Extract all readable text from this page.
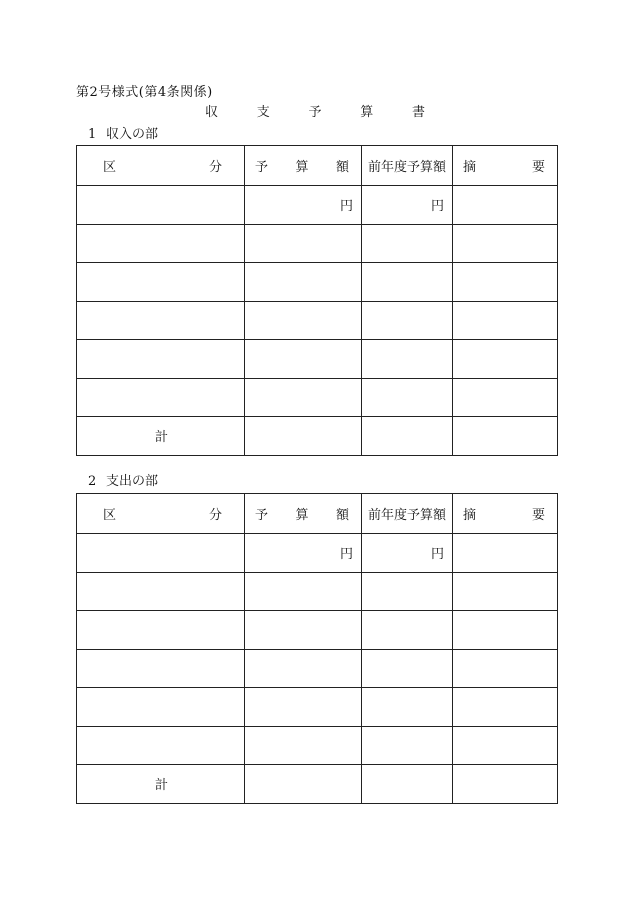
第2号様式(第4条関係)
収	支	予	算	書
1 収入の部
区 分	予 算 額	前年度予算額	摘 要

	円	円	

計			
2 支出の部
区 分	予 算 額	前年度予算額	摘 要

	円	円	

計			
